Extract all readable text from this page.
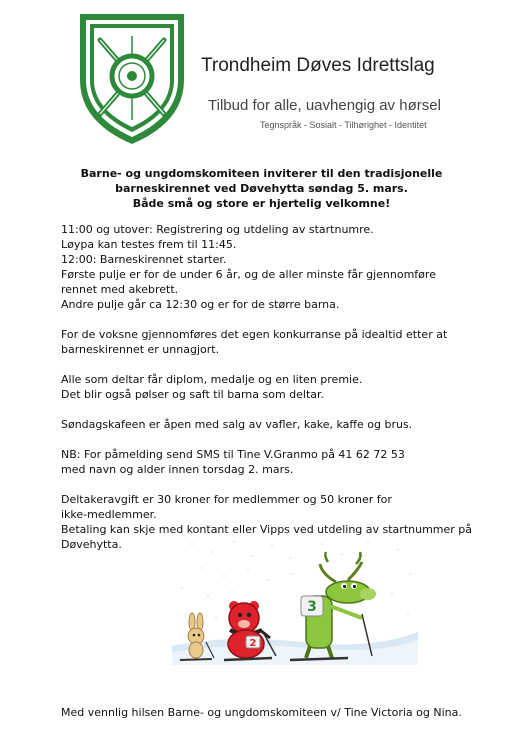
Trondheim Døves Idrettslag
Tilbud for alle, uavhengig av hørsel
Tegnspråk - Sosialt - Tilhørighet - Identitet
Barne- og ungdomskomiteen inviterer til den tradisjonelle
barneskirennet ved Døvehytta søndag 5. mars.
Både små og store er hjertelig velkomne!
11:00 og utover: Registrering og utdeling av startnumre.
Løypa kan testes frem til 11:45.
12:00: Barneskirennet starter.
Første pulje er for de under 6 år, og de aller minste får gjennomføre
rennet med akebrett.
Andre pulje går ca 12:30 og er for de større barna.
For de voksne gjennomføres det egen konkurranse på idealtid etter at
barneskirennet er unnagjort.
Alle som deltar får diplom, medalje og en liten premie.
Det blir også pølser og saft til barna som deltar.
Søndagskafeen er åpen med salg av vafler, kake, kaffe og brus.
NB: For påmelding send SMS til Tine V.Granmo på 41 62 72 53
med navn og alder innen torsdag 2. mars.
Deltakeravgift er 30 kroner for medlemmer og 50 kroner for
ikke-medlemmer.
Betaling kan skje med kontant eller Vipps ved utdeling av startnummer på
Døvehytta.
3
2
Med vennlig hilsen Barne- og ungdomskomiteen v/ Tine Victoria og Nina.
